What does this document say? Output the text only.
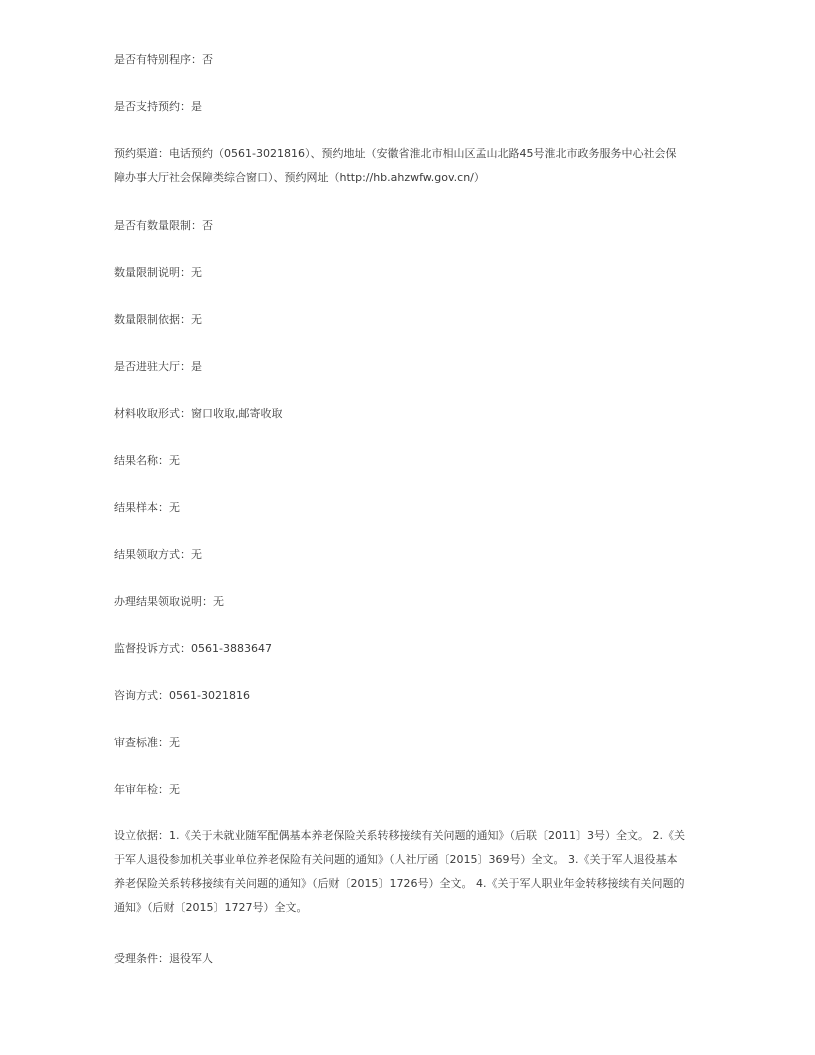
是否有特别程序：否

是否支持预约：是

预约渠道：电话预约（0561-3021816）、预约地址（安徽省淮北市相山区孟山北路45号淮北市政务服务中心社会保障办事大厅社会保障类综合窗口）、预约网址（http://hb.ahzwfw.gov.cn/）

是否有数量限制：否

数量限制说明：无

数量限制依据：无

是否进驻大厅：是

材料收取形式：窗口收取,邮寄收取

结果名称：无

结果样本：无

结果领取方式：无

办理结果领取说明：无

监督投诉方式：0561-3883647

咨询方式：0561-3021816

审查标准：无

年审年检：无

设立依据：1.《关于未就业随军配偶基本养老保险关系转移接续有关问题的通知》（后联〔2011〕3号）全文。 2.《关于军人退役参加机关事业单位养老保险有关问题的通知》（人社厅函〔2015〕369号）全文。 3.《关于军人退役基本养老保险关系转移接续有关问题的通知》（后财〔2015〕1726号）全文。 4.《关于军人职业年金转移接续有关问题的通知》（后财〔2015〕1727号）全文。

受理条件：退役军人
